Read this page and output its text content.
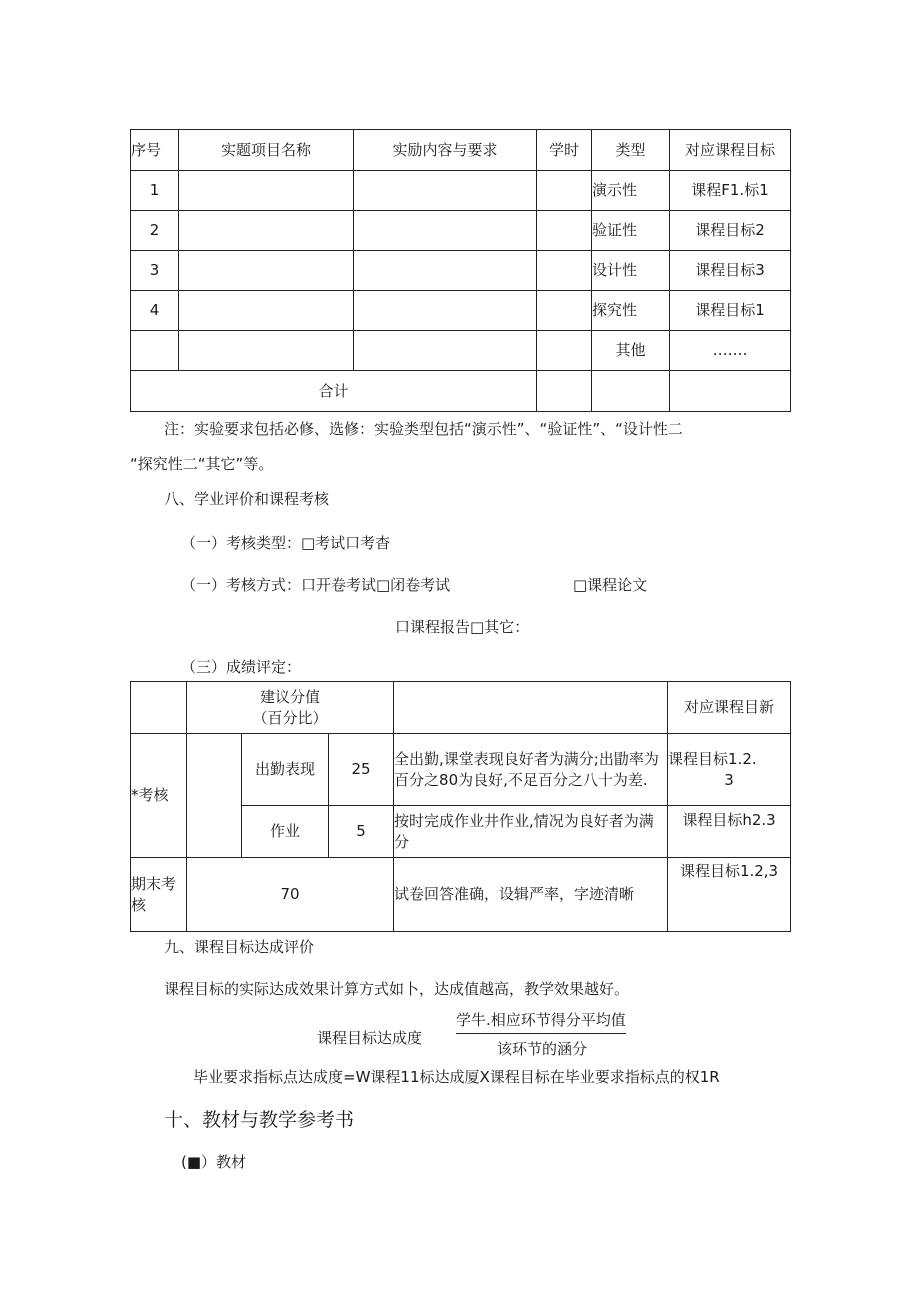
序号	实题项目名称	实励内容与要求	学时	类型	对应课程目标
1				演示性	课程F1.标1
2				验证性	课程目标2
3				设计性	课程目标3
4				探究性	课程目标1
				其他	…….
合计					
注：实验要求包括必修、选修：实验类型包括“演示性”、“验证性”、“设计性二
“探究性二“其它”等。
八、学业评价和课程考核
（一）考核类型：□考试口考杳
（一）考核方式：口开卷考试□闭卷考试	□课程论文
口课程报告□其它：
（三）成绩评定：

	建议分值
（百分比）				对应课程目新
*考核		出勤表现	25	全出勤,课堂表现良好者为满分;出勖率为百分之80为良好,不足百分之八十为差.	课程目标1.2.
3

		作业	5	按时完成作业井作业,情况为良好者为满分	课程目标h2.3
期末考核	70			试卷回答准确，设辑严率，字迹清晰	课程目标1.2,3
九、课程目标达成评价
课程目标的实际达成效果计算方式如卜，达成值越高，教学效果越好。
课程目标达成度
学牛.相应环节得分平均值
该环节的涵分
毕业要求指标点达成度=W课程11标达成厦X课程目标在毕业要求指标点的权1R
十、教材与教学参考书
(■）教材
